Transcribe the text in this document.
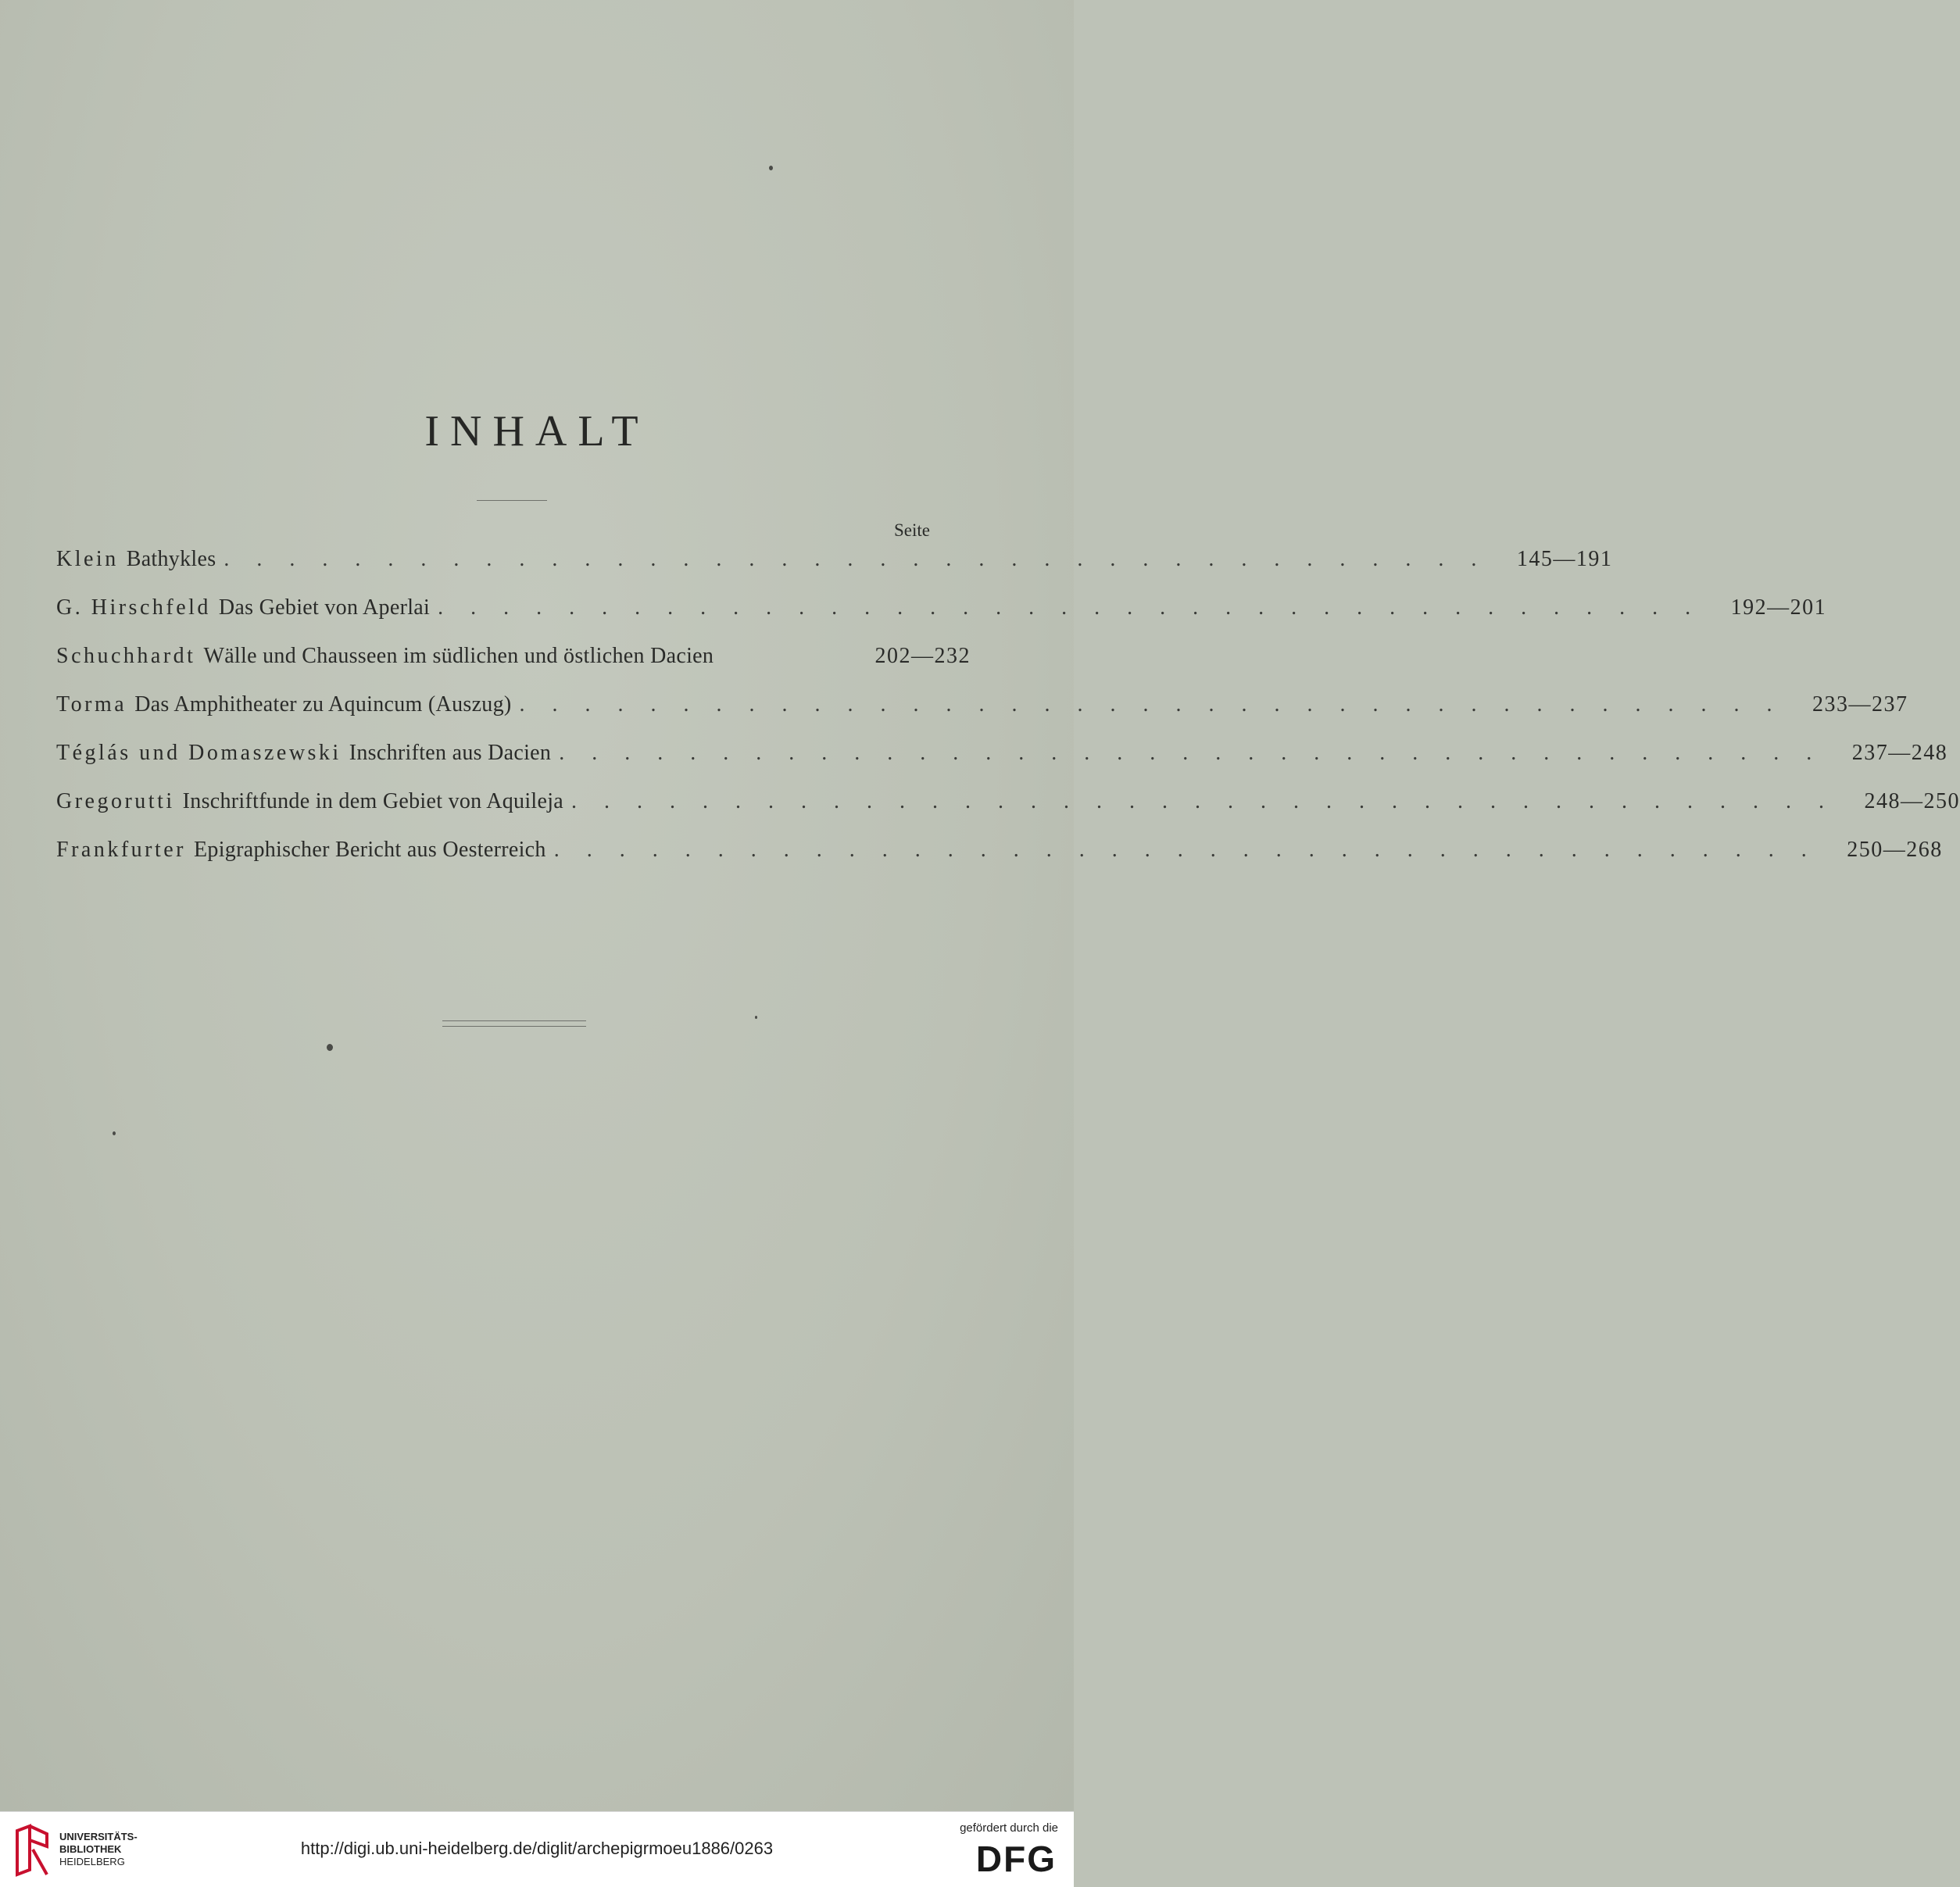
INHALT
Seite
Klein Bathykles . . . . . . . . . . . . . . . . . . . . . . . . . . . . . . . . . . . . . . .	145—191
G. Hirschfeld Das Gebiet von Aperlai . . . . . . . . . . . . . . . . . . . . . . . . . . . . . . . . . . . . . . .	192—201
Schuchhardt Wälle und Chausseen im südlichen und östlichen Dacien	202—232
Torma Das Amphitheater zu Aquincum (Auszug) . . . . . . . . . . . . . . . . . . . . . . . . . . . . . . . . . . . . . . .	233—237
Téglás und Domaszewski Inschriften aus Dacien . . . . . . . . . . . . . . . . . . . . . . . . . . . . . . . . . . . . . . .	237—248
Gregorutti Inschriftfunde in dem Gebiet von Aquileja . . . . . . . . . . . . . . . . . . . . . . . . . . . . . . . . . . . . . . .	248—250
Frankfurter Epigraphischer Bericht aus Oesterreich . . . . . . . . . . . . . . . . . . . . . . . . . . . . . . . . . . . . . . .	250—268
UNIVERSITÄTS-
BIBLIOTHEK
HEIDELBERG
http://digi.ub.uni-heidelberg.de/diglit/archepigrmoeu1886/0263
gefördert durch die
DFG
